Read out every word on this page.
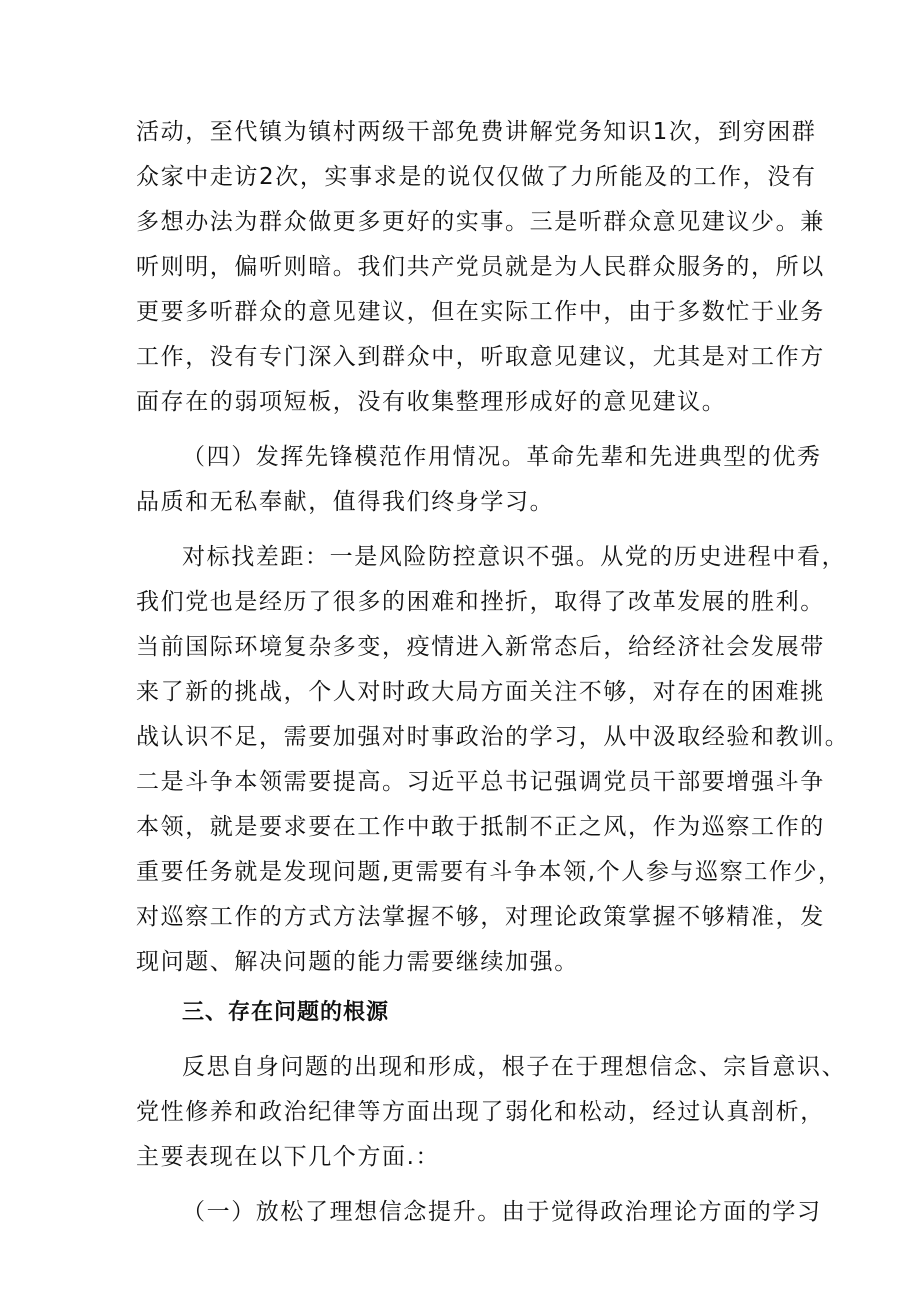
活动，至代镇为镇村两级干部免费讲解党务知识1次，到穷困群
众家中走访2次，实事求是的说仅仅做了力所能及的工作，没有
多想办法为群众做更多更好的实事。三是听群众意见建议少。兼
听则明，偏听则暗。我们共产党员就是为人民群众服务的，所以
更要多听群众的意见建议，但在实际工作中，由于多数忙于业务
工作，没有专门深入到群众中，听取意见建议，尤其是对工作方
面存在的弱项短板，没有收集整理形成好的意见建议。
（四）发挥先锋模范作用情况。革命先辈和先进典型的优秀
品质和无私奉献，值得我们终身学习。
对标找差距：一是风险防控意识不强。从党的历史进程中看，
我们党也是经历了很多的困难和挫折，取得了改革发展的胜利。
当前国际环境复杂多变，疫情进入新常态后，给经济社会发展带
来了新的挑战，个人对时政大局方面关注不够，对存在的困难挑
战认识不足，需要加强对时事政治的学习，从中汲取经验和教训。
二是斗争本领需要提高。习近平总书记强调党员干部要增强斗争
本领，就是要求要在工作中敢于抵制不正之风，作为巡察工作的
重要任务就是发现问题,更需要有斗争本领,个人参与巡察工作少，
对巡察工作的方式方法掌握不够，对理论政策掌握不够精准，发
现问题、解决问题的能力需要继续加强。
三、存在问题的根源
反思自身问题的出现和形成，根子在于理想信念、宗旨意识、
党性修养和政治纪律等方面出现了弱化和松动，经过认真剖析，
主要表现在以下几个方面.：
（一）放松了理想信念提升。由于觉得政治理论方面的学习
